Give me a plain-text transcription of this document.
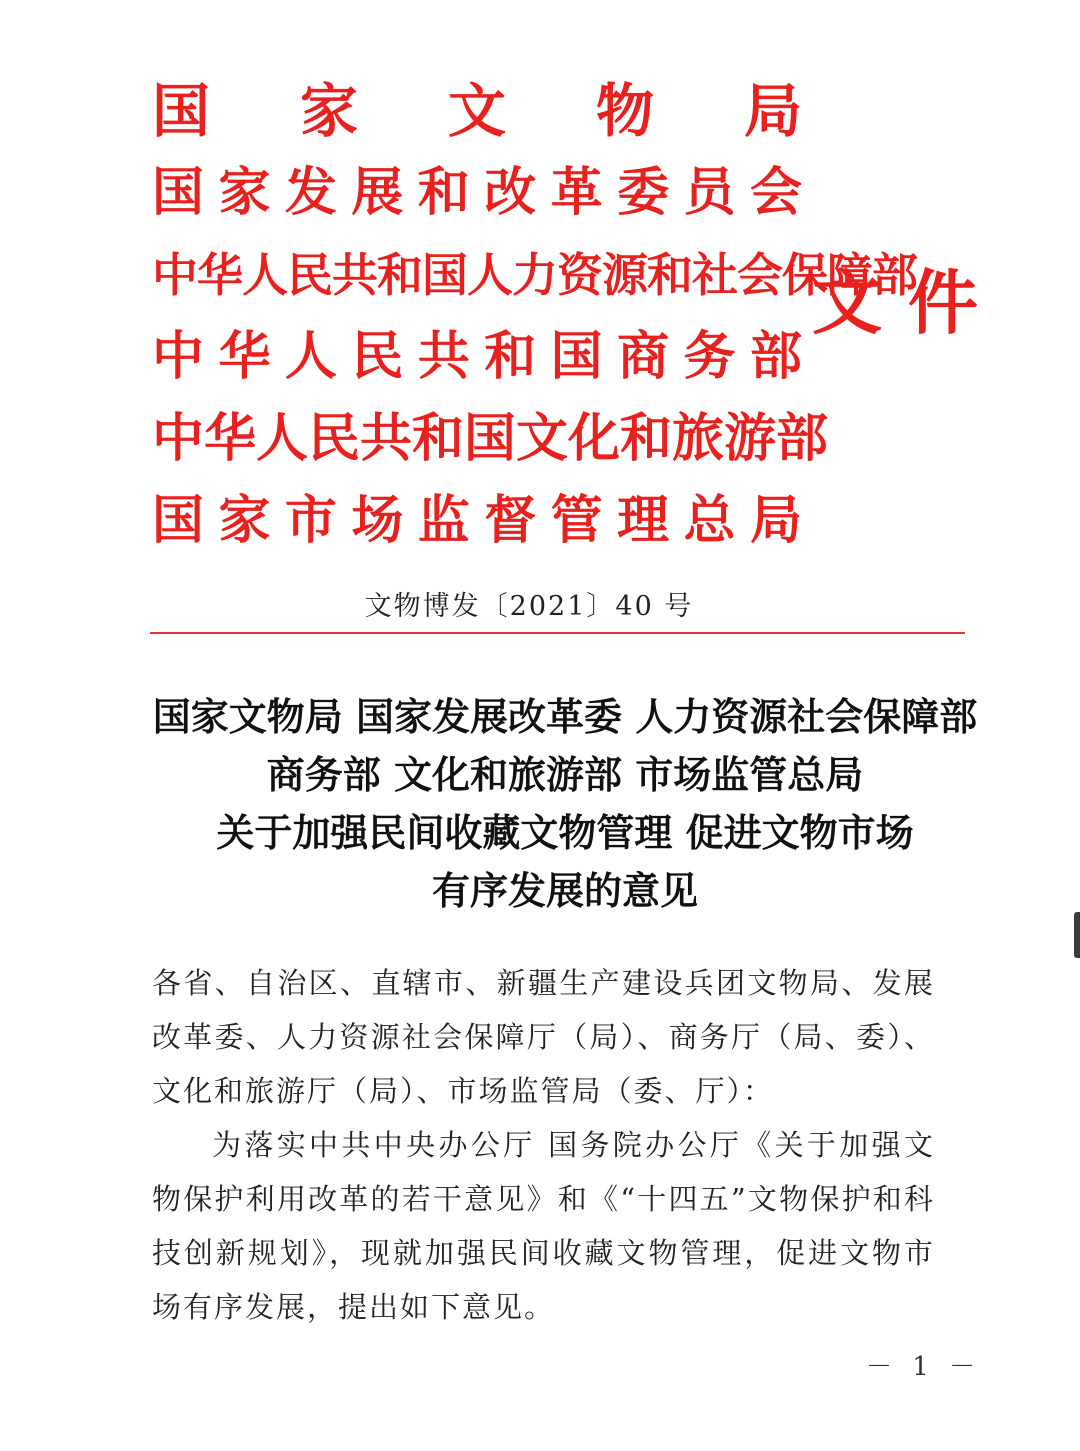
国 家 文 物 局
国家发展和改革委员会
中华人民共和国人力资源和社会保障部
中华人民共和国商务部
中华人民共和国文化和旅游部
国家市场监督管理总局
文件
文物博发〔2021〕40 号
国家文物局 国家发展改革委 人力资源社会保障部
商务部 文化和旅游部 市场监管总局
关于加强民间收藏文物管理 促进文物市场
有序发展的意见
各省、自治区、直辖市、新疆生产建设兵团文物局、发展改革委、人力资源社会保障厅（局）、商务厅（局、委）、文化和旅游厅（局）、市场监管局（委、厅）：
为落实中共中央办公厅 国务院办公厅《关于加强文物保护利用改革的若干意见》和《“十四五”文物保护和科技创新规划》，现就加强民间收藏文物管理，促进文物市场有序发展，提出如下意见。
－ 1 －
